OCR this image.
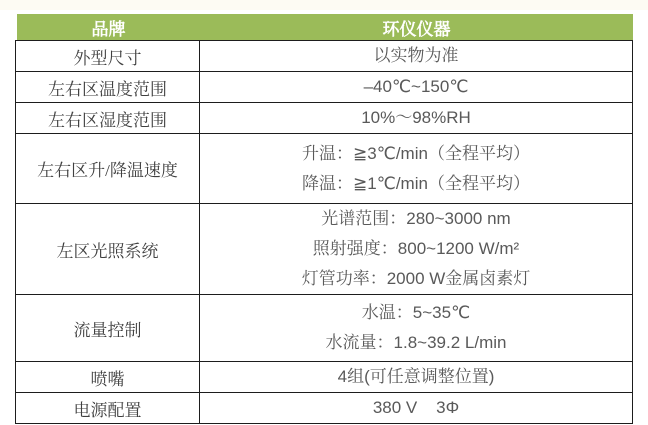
品牌	环仪仪器
外型尺寸	以实物为准

左右区温度范围	–40℃~150℃

左右区湿度范围	10%～98%RH

左右区升/降温速度	升温：≧3℃/min（全程平均）
降温：≧1℃/min（全程平均）

左区光照系统	光谱范围：280~3000 nm
照射强度：800~1200 W/m²
灯管功率：2000 W金属卤素灯

流量控制	水温：5~35℃
水流量：1.8~39.2 L/min

喷嘴	4组(可任意调整位置)

电源配置	380 V    3Φ
